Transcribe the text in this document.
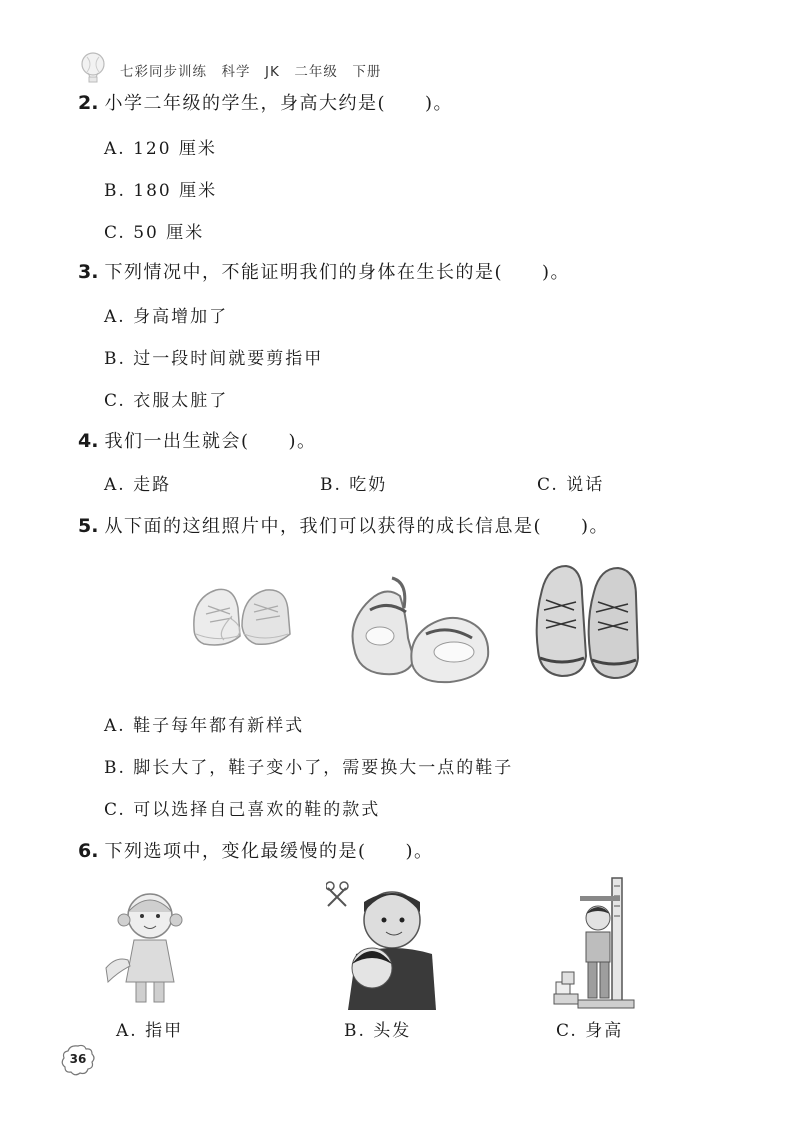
七彩同步训练　科学　JK　二年级　下册
2. 小学二年级的学生，身高大约是(　　)。
A. 120 厘米
B. 180 厘米
C. 50 厘米
3. 下列情况中，不能证明我们的身体在生长的是(　　)。
A. 身高增加了
B. 过一段时间就要剪指甲
C. 衣服太脏了
4. 我们一出生就会(　　)。
A. 走路	B. 吃奶	C. 说话
5. 从下面的这组照片中，我们可以获得的成长信息是(　　)。
A. 鞋子每年都有新样式
B. 脚长大了，鞋子变小了，需要换大一点的鞋子
C. 可以选择自己喜欢的鞋的款式
6. 下列选项中，变化最缓慢的是(　　)。
A. 指甲	B. 头发	C. 身高
36
